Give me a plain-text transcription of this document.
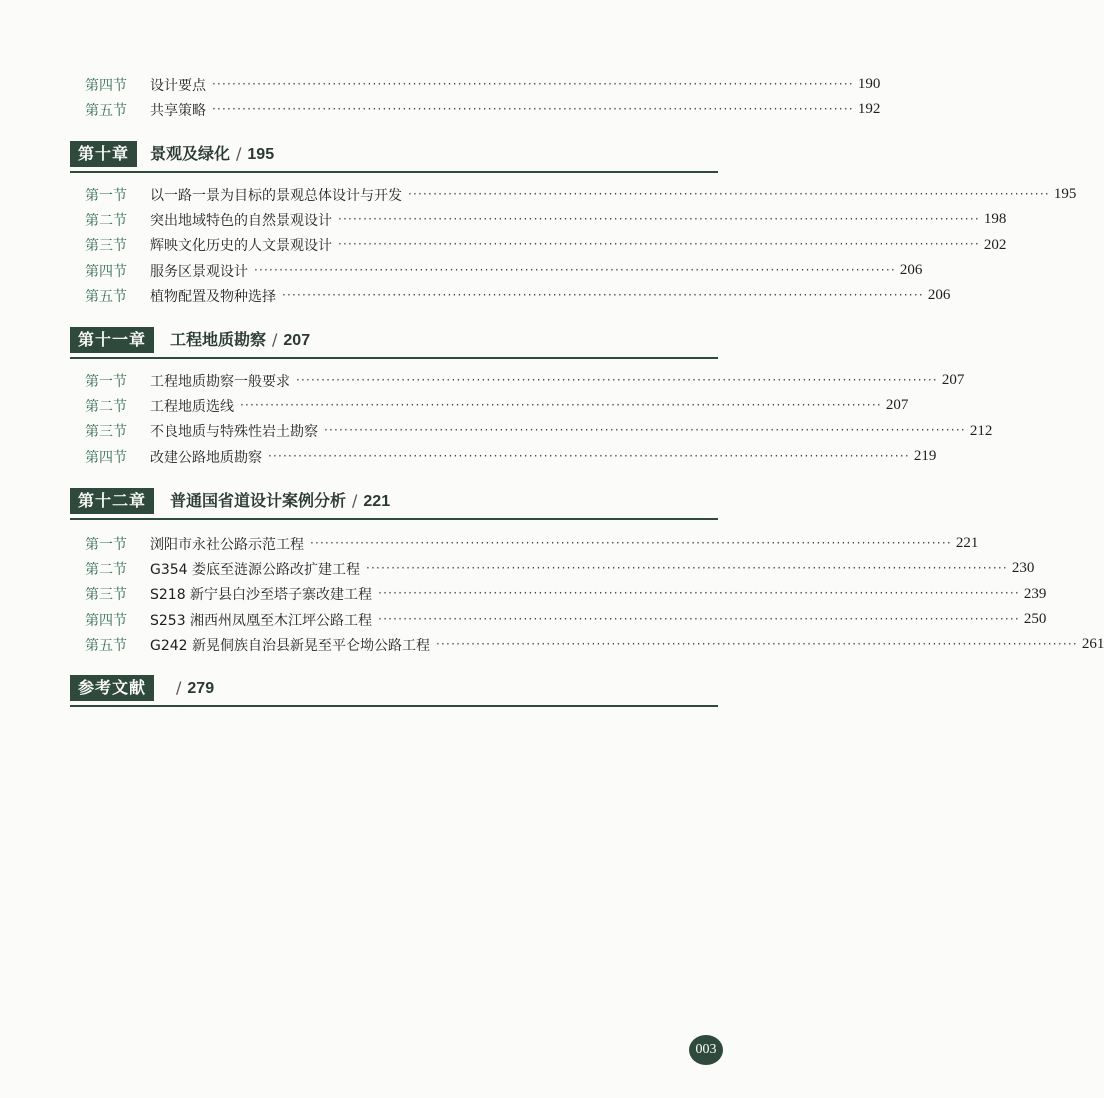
第四节	设计要点 ································································································································ 190
第五节	共享策略 ································································································································ 192
第十章	景观及绿化 / 195
第一节	以一路一景为目标的景观总体设计与开发 ································································································································ 195
第二节	突出地域特色的自然景观设计 ································································································································ 198
第三节	辉映文化历史的人文景观设计 ································································································································ 202
第四节	服务区景观设计 ································································································································ 206
第五节	植物配置及物种选择 ································································································································ 206
第十一章	工程地质勘察 / 207
第一节	工程地质勘察一般要求 ································································································································ 207
第二节	工程地质选线 ································································································································ 207
第三节	不良地质与特殊性岩土勘察 ································································································································ 212
第四节	改建公路地质勘察 ································································································································ 219
第十二章	普通国省道设计案例分析 / 221
第一节	浏阳市永社公路示范工程 ································································································································ 221
第二节	G354 娄底至涟源公路改扩建工程 ································································································································ 230
第三节	S218 新宁县白沙至塔子寨改建工程 ································································································································ 239
第四节	S253 湘西州凤凰至木江坪公路工程 ································································································································ 250
第五节	G242 新晃侗族自治县新晃至平仑坳公路工程 ································································································································ 261
参考文献	/ 279
003
